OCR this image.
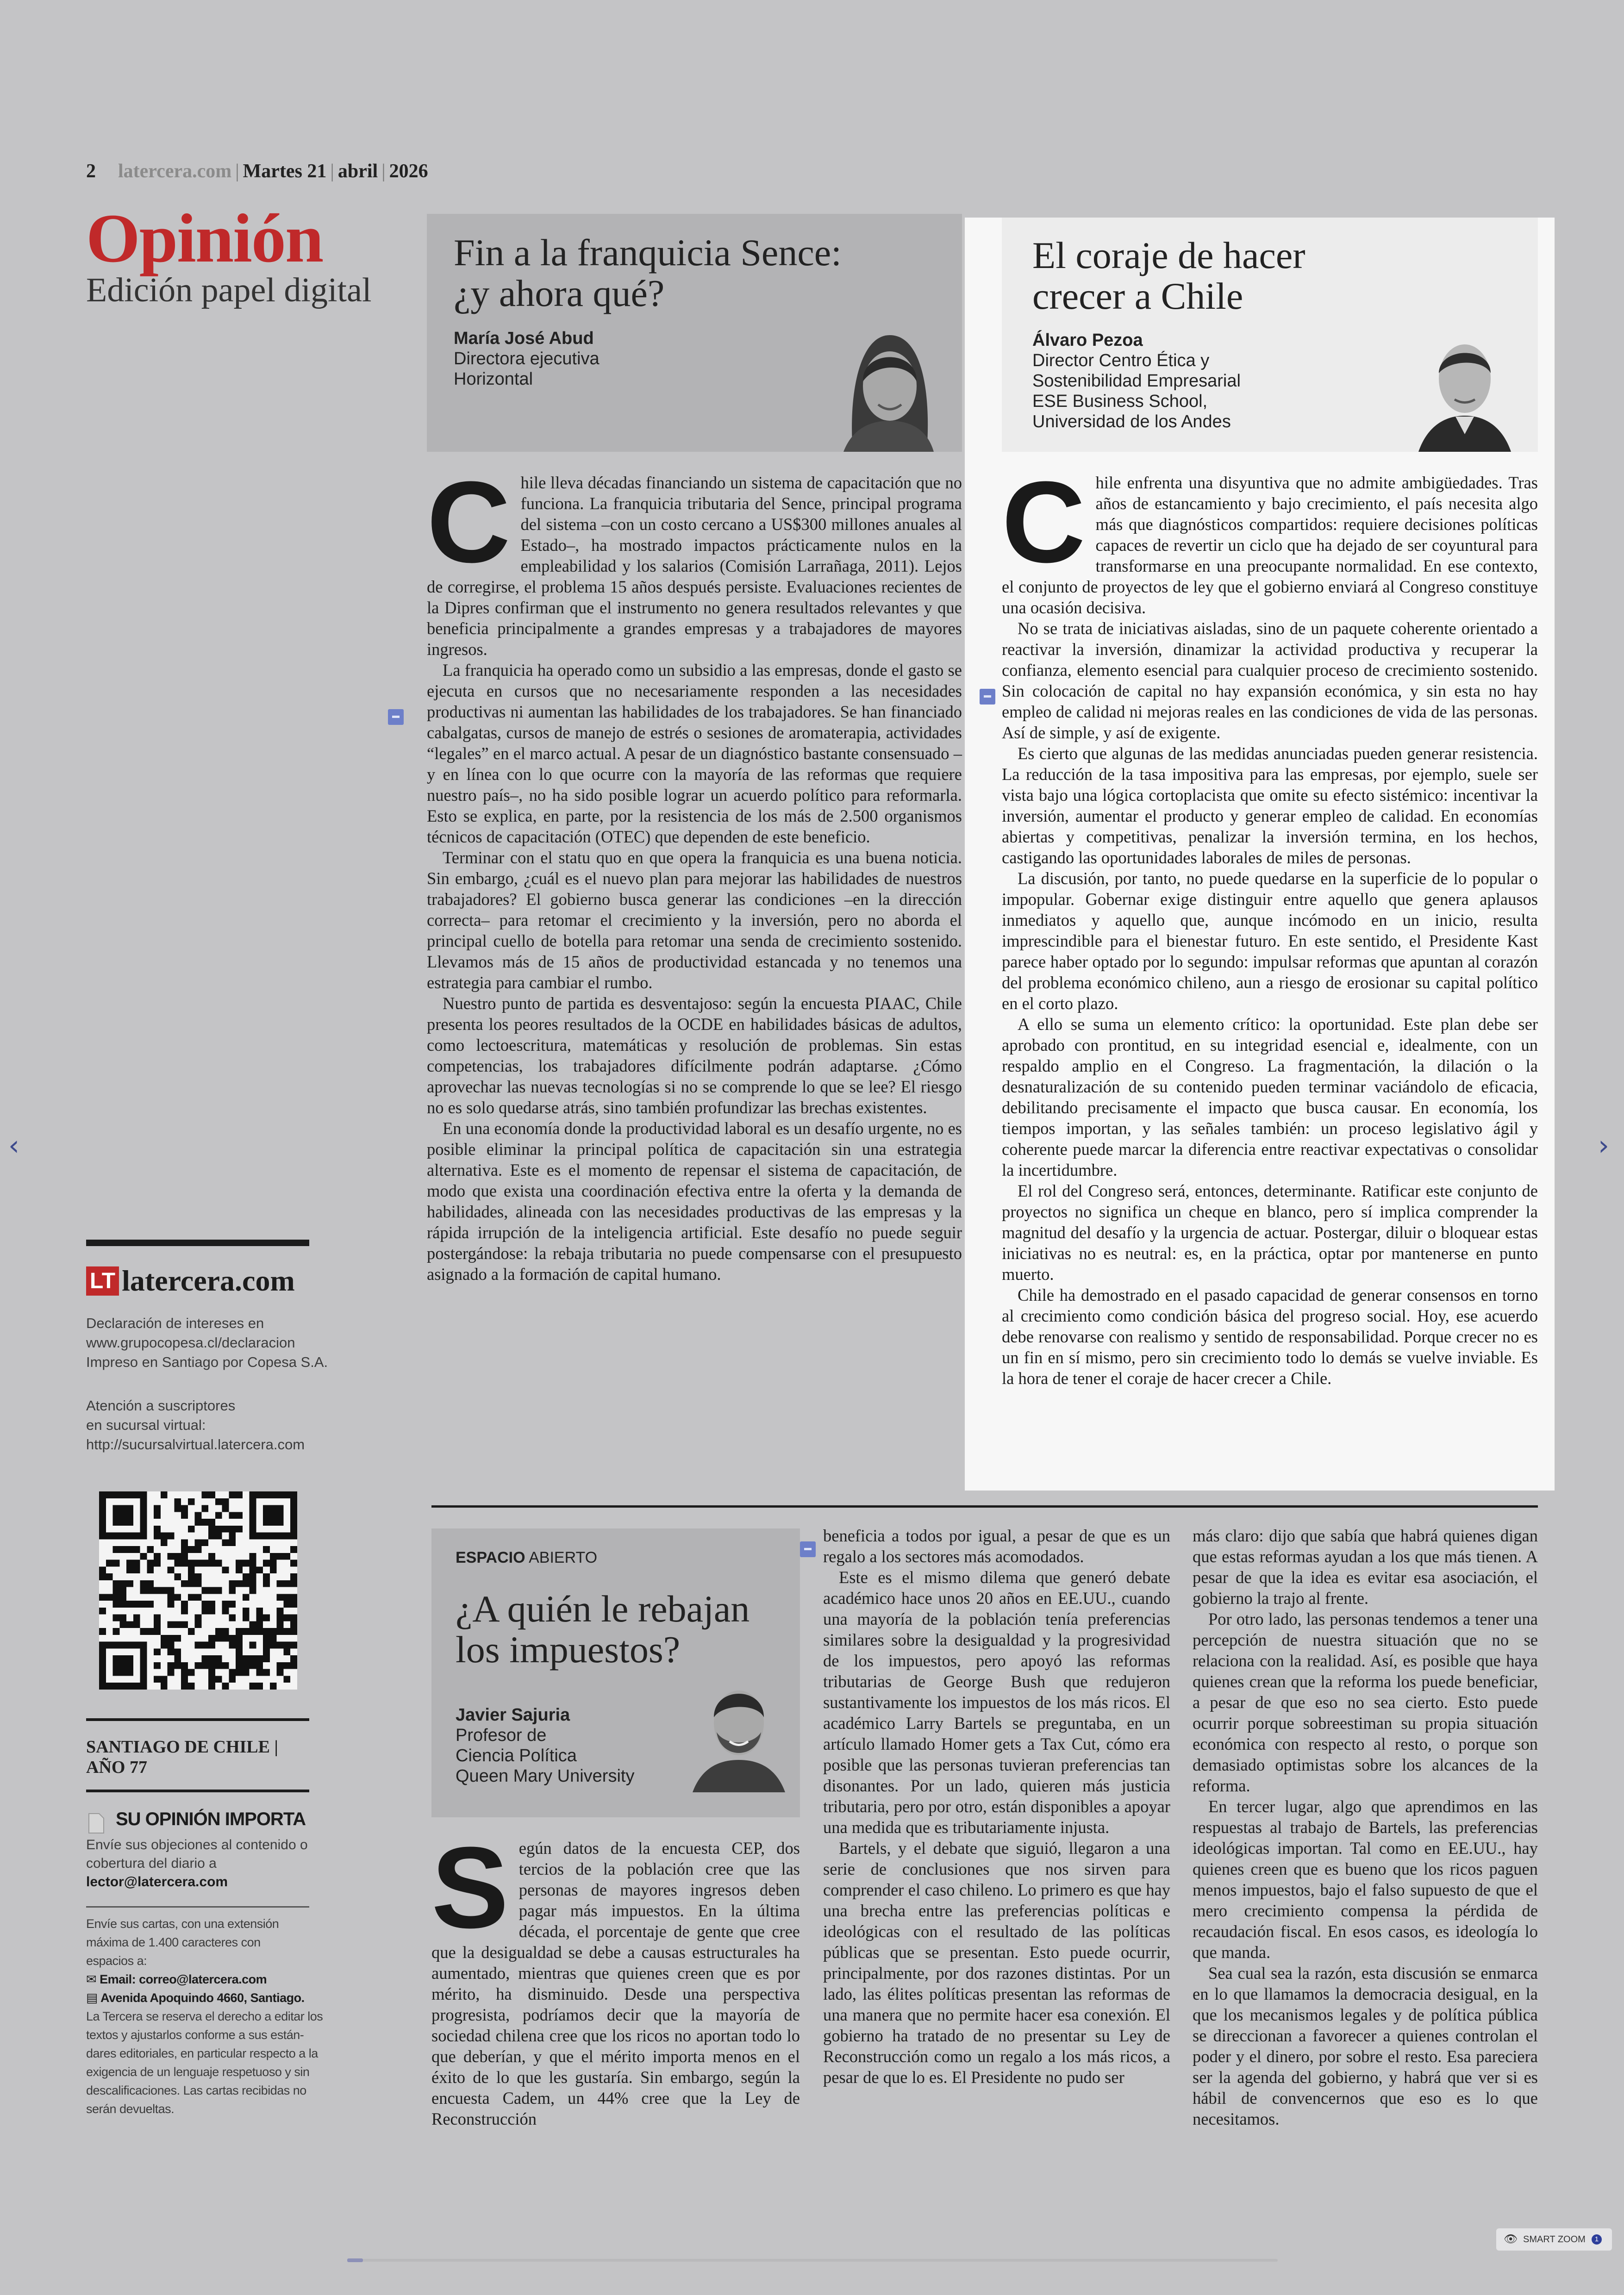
2 latercera.com | Martes 21 | abril | 2026
Opinión
Edición papel digital
Fin a la franquicia Sence:
¿y ahora qué?
María José Abud
Directora ejecutiva
Horizontal

Chile lleva décadas financiando un sistema de capacitación que no funciona. La franquicia tributaria del Sence, principal programa del sistema –con un costo cercano a US$300 millones anuales al Estado–, ha mostrado impactos prácticamente nulos en la empleabilidad y los salarios (Comisión Larrañaga, 2011). Lejos de corregirse, el problema 15 años después persiste. Evaluaciones recientes de la Dipres confirman que el instrumento no genera resultados relevantes y que beneficia principalmente a grandes empresas y a trabajadores de mayores ingresos.

La franquicia ha operado como un subsidio a las empresas, donde el gasto se ejecuta en cursos que no necesariamente responden a las necesidades productivas ni aumentan las habilidades de los trabajadores. Se han financiado cabalgatas, cursos de manejo de estrés o sesiones de aromaterapia, actividades “legales” en el marco actual. A pesar de un diagnóstico bastante consensuado –y en línea con lo que ocurre con la mayoría de las reformas que requiere nuestro país–, no ha sido posible lograr un acuerdo político para reformarla. Esto se explica, en parte, por la resistencia de los más de 2.500 organismos técnicos de capacitación (OTEC) que dependen de este beneficio.

Terminar con el statu quo en que opera la franquicia es una buena noticia. Sin embargo, ¿cuál es el nuevo plan para mejorar las habilidades de nuestros trabajadores? El gobierno busca generar las condiciones –en la dirección correcta– para retomar el crecimiento y la inversión, pero no aborda el principal cuello de botella para retomar una senda de crecimiento sostenido. Llevamos más de 15 años de productividad estancada y no tenemos una estrategia para cambiar el rumbo.

Nuestro punto de partida es desventajoso: según la encuesta PIAAC, Chile presenta los peores resultados de la OCDE en habilidades básicas de adultos, como lectoescritura, matemáticas y resolución de problemas. Sin estas competencias, los trabajadores difícilmente podrán adaptarse. ¿Cómo aprovechar las nuevas tecnologías si no se comprende lo que se lee? El riesgo no es solo quedarse atrás, sino también profundizar las brechas existentes.

En una economía donde la productividad laboral es un desafío urgente, no es posible eliminar la principal política de capacitación sin una estrategia alternativa. Este es el momento de repensar el sistema de capacitación, de modo que exista una coordinación efectiva entre la oferta y la demanda de habilidades, alineada con las necesidades productivas de las empresas y la rápida irrupción de la inteligencia artificial. Este desafío no puede seguir postergándose: la rebaja tributaria no puede compensarse con el presupuesto asignado a la formación de capital humano.

El coraje de hacer
crecer a Chile
Álvaro Pezoa
Director Centro Ética y
Sostenibilidad Empresarial
ESE Business School,
Universidad de los Andes

Chile enfrenta una disyuntiva que no admite ambigüedades. Tras años de estancamiento y bajo crecimiento, el país necesita algo más que diagnósticos compartidos: requiere decisiones políticas capaces de revertir un ciclo que ha dejado de ser coyuntural para transformarse en una preocupante normalidad. En ese contexto, el conjunto de proyectos de ley que el gobierno enviará al Congreso constituye una ocasión decisiva.

No se trata de iniciativas aisladas, sino de un paquete coherente orientado a reactivar la inversión, dinamizar la actividad productiva y recuperar la confianza, elemento esencial para cualquier proceso de crecimiento sostenido. Sin colocación de capital no hay expansión económica, y sin esta no hay empleo de calidad ni mejoras reales en las condiciones de vida de las personas. Así de simple, y así de exigente.

Es cierto que algunas de las medidas anunciadas pueden generar resistencia. La reducción de la tasa impositiva para las empresas, por ejemplo, suele ser vista bajo una lógica cortoplacista que omite su efecto sistémico: incentivar la inversión, aumentar el producto y generar empleo de calidad. En economías abiertas y competitivas, penalizar la inversión termina, en los hechos, castigando las oportunidades laborales de miles de personas.

La discusión, por tanto, no puede quedarse en la superficie de lo popular o impopular. Gobernar exige distinguir entre aquello que genera aplausos inmediatos y aquello que, aunque incómodo en un inicio, resulta imprescindible para el bienestar futuro. En este sentido, el Presidente Kast parece haber optado por lo segundo: impulsar reformas que apuntan al corazón del problema económico chileno, aun a riesgo de erosionar su capital político en el corto plazo.

A ello se suma un elemento crítico: la oportunidad. Este plan debe ser aprobado con prontitud, en su integridad esencial e, idealmente, con un respaldo amplio en el Congreso. La fragmentación, la dilación o la desnaturalización de su contenido pueden terminar vaciándolo de eficacia, debilitando precisamente el impacto que busca causar. En economía, los tiempos importan, y las señales también: un proceso legislativo ágil y coherente puede marcar la diferencia entre reactivar expectativas o consolidar la incertidumbre.

El rol del Congreso será, entonces, determinante. Ratificar este conjunto de proyectos no significa un cheque en blanco, pero sí implica comprender la magnitud del desafío y la urgencia de actuar. Postergar, diluir o bloquear estas iniciativas no es neutral: es, en la práctica, optar por mantenerse en punto muerto.

Chile ha demostrado en el pasado capacidad de generar consensos en torno al crecimiento como condición básica del progreso social. Hoy, ese acuerdo debe renovarse con realismo y sentido de responsabilidad. Porque crecer no es un fin en sí mismo, pero sin crecimiento todo lo demás se vuelve inviable. Es la hora de tener el coraje de hacer crecer a Chile.

LT latercera.com
Declaración de intereses en
www.grupocopesa.cl/declaracion
Impreso en Santiago por Copesa S.A.
Atención a suscriptores
en sucursal virtual:
http://sucursalvirtual.latercera.com
SANTIAGO DE CHILE |
AÑO 77
SU OPINIÓN IMPORTA
Envíe sus objeciones al contenido o
cobertura del diario a
lector@latercera.com
Envíe sus cartas, con una extensión
máxima de 1.400 caracteres con
espacios a:
✉ Email: correo@latercera.com
▤ Avenida Apoquindo 4660, Santiago.
La Tercera se reserva el derecho a editar los
textos y ajustarlos conforme a sus están-
dares editoriales, en particular respecto a la
exigencia de un lenguaje respetuoso y sin
descalificaciones. Las cartas recibidas no
serán devueltas.
ESPACIO ABIERTO
¿A quién le rebajan
los impuestos?
Javier Sajuria
Profesor de
Ciencia Política
Queen Mary University

Según datos de la encuesta CEP, dos tercios de la población cree que las personas de mayores ingresos deben pagar más impuestos. En la última década, el porcentaje de gente que cree que la desigualdad se debe a causas estructurales ha aumentado, mientras que quienes creen que es por mérito, ha disminuido. Desde una perspectiva progresista, podríamos decir que la mayoría de sociedad chilena cree que los ricos no aportan todo lo que deberían, y que el mérito importa menos en el éxito de lo que les gustaría. Sin embargo, según la encuesta Cadem, un 44% cree que la Ley de Reconstrucción

beneficia a todos por igual, a pesar de que es un regalo a los sectores más acomodados.

Este es el mismo dilema que generó debate académico hace unos 20 años en EE.UU., cuando una mayoría de la población tenía preferencias similares sobre la desigualdad y la progresividad de los impuestos, pero apoyó las reformas tributarias de George Bush que redujeron sustantivamente los impuestos de los más ricos. El académico Larry Bartels se preguntaba, en un artículo llamado Homer gets a Tax Cut, cómo era posible que las personas tuvieran preferencias tan disonantes. Por un lado, quieren más justicia tributaria, pero por otro, están disponibles a apoyar una medida que es tributariamente injusta.

Bartels, y el debate que siguió, llegaron a una serie de conclusiones que nos sirven para comprender el caso chileno. Lo primero es que hay una brecha entre las preferencias políticas e ideológicas con el resultado de las políticas públicas que se presentan. Esto puede ocurrir, principalmente, por dos razones distintas. Por un lado, las élites políticas presentan las reformas de una manera que no permite hacer esa conexión. El gobierno ha tratado de no presentar su Ley de Reconstrucción como un regalo a los más ricos, a pesar de que lo es. El Presidente no pudo ser

más claro: dijo que sabía que habrá quienes digan que estas reformas ayudan a los que más tienen. A pesar de que la idea es evitar esa asociación, el gobierno la trajo al frente.

Por otro lado, las personas tendemos a tener una percepción de nuestra situación que no se relaciona con la realidad. Así, es posible que haya quienes crean que la reforma los puede beneficiar, a pesar de que eso no sea cierto. Esto puede ocurrir porque sobreestiman su propia situación económica con respecto al resto, o porque son demasiado optimistas sobre los alcances de la reforma.

En tercer lugar, algo que aprendimos en las respuestas al trabajo de Bartels, las preferencias ideológicas importan. Tal como en EE.UU., hay quienes creen que es bueno que los ricos paguen menos impuestos, bajo el falso supuesto de que el mero crecimiento compensa la pérdida de recaudación fiscal. En esos casos, es ideología lo que manda.

Sea cual sea la razón, esta discusión se enmarca en lo que llamamos la democracia desigual, en la que los mecanismos legales y de política pública se direccionan a favorecer a quienes controlan el poder y el dinero, por sobre el resto. Esa pareciera ser la agenda del gobierno, y habrá que ver si es hábil de convencernos que eso es lo que necesitamos.

‹	›
👁 SMART ZOOM	1
